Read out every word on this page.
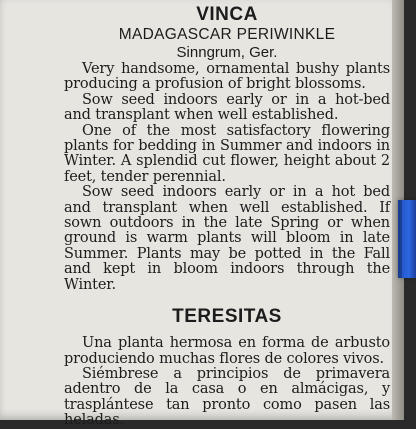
VINCA
MADAGASCAR PERIWINKLE
Sinngrum, Ger.

Very handsome, ornamental bushy plants producing a profusion of bright blossoms.

Sow seed indoors early or in a hot-bed and transplant when well established.

One of the most satisfactory flowering plants for bedding in Summer and indoors in Winter. A splendid cut flower, height about 2 feet, tender perennial.

Sow seed indoors early or in a hot bed and transplant when well established. If sown outdoors in the late Spring or when ground is warm plants will bloom in late Summer. Plants may be potted in the Fall and kept in bloom indoors through the Winter.

TERESITAS

Una planta hermosa en forma de arbusto produciendo muchas flores de colores vivos.

Siémbrese a principios de primavera adentro de la casa o en almácigas, y trasplántese tan pronto como pasen las heladas.
